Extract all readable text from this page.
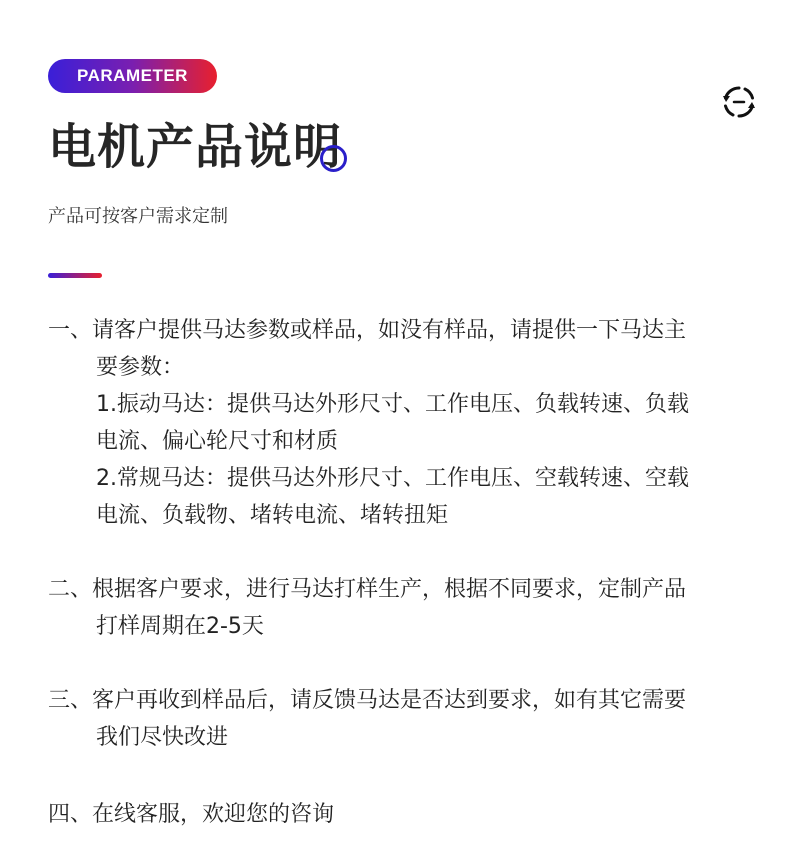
PARAMETER
电机产品说明
产品可按客户需求定制
一、请客户提供马达参数或样品，如没有样品，请提供一下马达主
要参数：
1.振动马达：提供马达外形尺寸、工作电压、负载转速、负载
电流、偏心轮尺寸和材质
2.常规马达：提供马达外形尺寸、工作电压、空载转速、空载
电流、负载物、堵转电流、堵转扭矩
二、根据客户要求，进行马达打样生产，根据不同要求，定制产品
打样周期在2-5天
三、客户再收到样品后，请反馈马达是否达到要求，如有其它需要
我们尽快改进
四、在线客服，欢迎您的咨询
